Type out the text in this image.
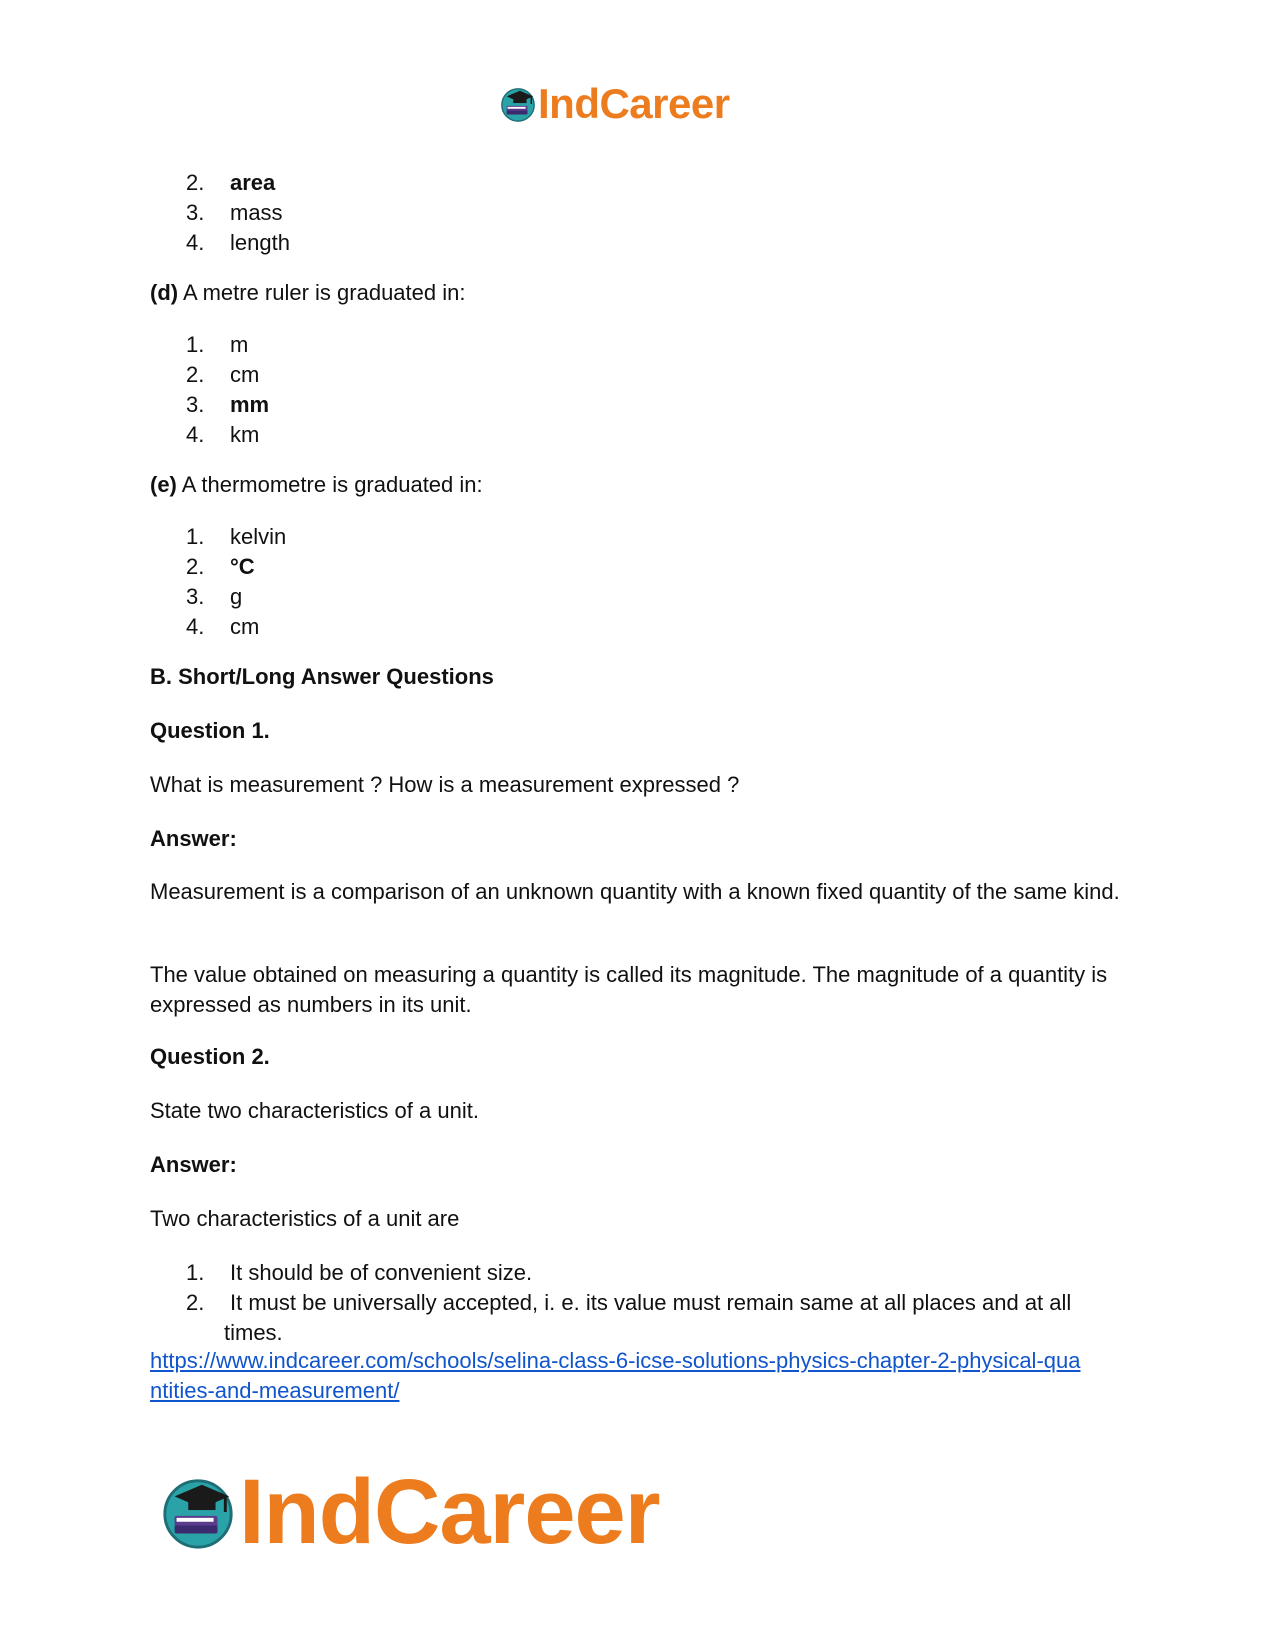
IndCareer
2.	area
3.	mass
4.	length
(d) A metre ruler is graduated in:
1.	m
2.	cm
3.	mm
4.	km
(e) A thermometre is graduated in:
1.	kelvin
2.	°C
3.	g
4.	cm
B. Short/Long Answer Questions
Question 1.
What is measurement ? How is a measurement expressed ?
Answer:
Measurement is a comparison of an unknown quantity with a known fixed quantity of the same kind.
The value obtained on measuring a quantity is called its magnitude. The magnitude of a quantity is expressed as numbers in its unit.
Question 2.
State two characteristics of a unit.
Answer:
Two characteristics of a unit are
1.	It should be of convenient size.
2.	It must be universally accepted, i. e. its value must remain same at all places and at all
times.
https://www.indcareer.com/schools/selina-class-6-icse-solutions-physics-chapter-2-physical-qua
ntities-and-measurement/
IndCareer
